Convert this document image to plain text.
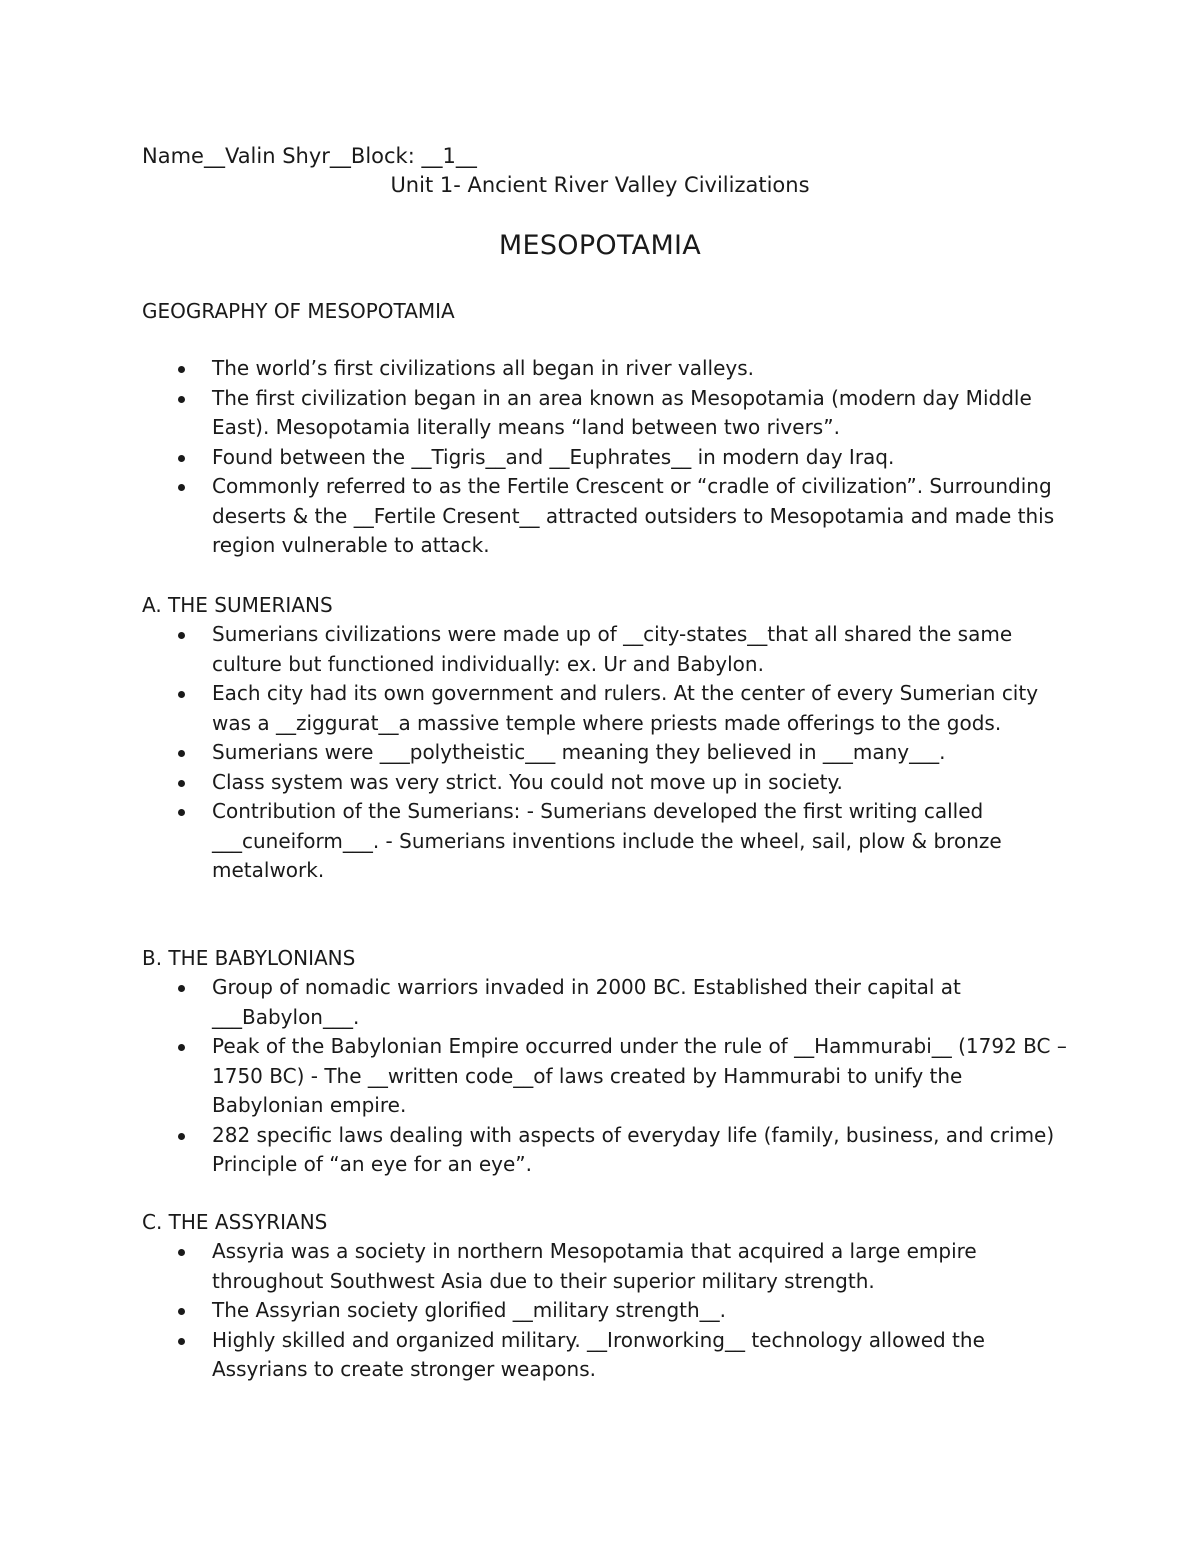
Name__Valin Shyr__Block: __1__
Unit 1- Ancient River Valley Civilizations
MESOPOTAMIA
GEOGRAPHY OF MESOPOTAMIA
The world’s first civilizations all began in river valleys.
The first civilization began in an area known as Mesopotamia (modern day Middle East). Mesopotamia literally means “land between two rivers”.
Found between the __Tigris__and __Euphrates__ in modern day Iraq.
Commonly referred to as the Fertile Crescent or “cradle of civilization”. Surrounding deserts & the __Fertile Cresent__ attracted outsiders to Mesopotamia and made this region vulnerable to attack.
A. THE SUMERIANS
Sumerians civilizations were made up of __city-states__that all shared the same culture but functioned individually: ex. Ur and Babylon.
Each city had its own government and rulers. At the center of every Sumerian city was a __ziggurat__a massive temple where priests made offerings to the gods.
Sumerians were ___polytheistic___ meaning they believed in ___many___.
Class system was very strict. You could not move up in society.
Contribution of the Sumerians: - Sumerians developed the first writing called ___cuneiform___. - Sumerians inventions include the wheel, sail, plow & bronze metalwork.
B. THE BABYLONIANS
Group of nomadic warriors invaded in 2000 BC. Established their capital at ___Babylon___.
Peak of the Babylonian Empire occurred under the rule of __Hammurabi__ (1792 BC – 1750 BC) - The __written code__of laws created by Hammurabi to unify the Babylonian empire.
282 specific laws dealing with aspects of everyday life (family, business, and crime) Principle of “an eye for an eye”.
C. THE ASSYRIANS
Assyria was a society in northern Mesopotamia that acquired a large empire throughout Southwest Asia due to their superior military strength.
The Assyrian society glorified __military strength__.
Highly skilled and organized military. __Ironworking__ technology allowed the Assyrians to create stronger weapons.
